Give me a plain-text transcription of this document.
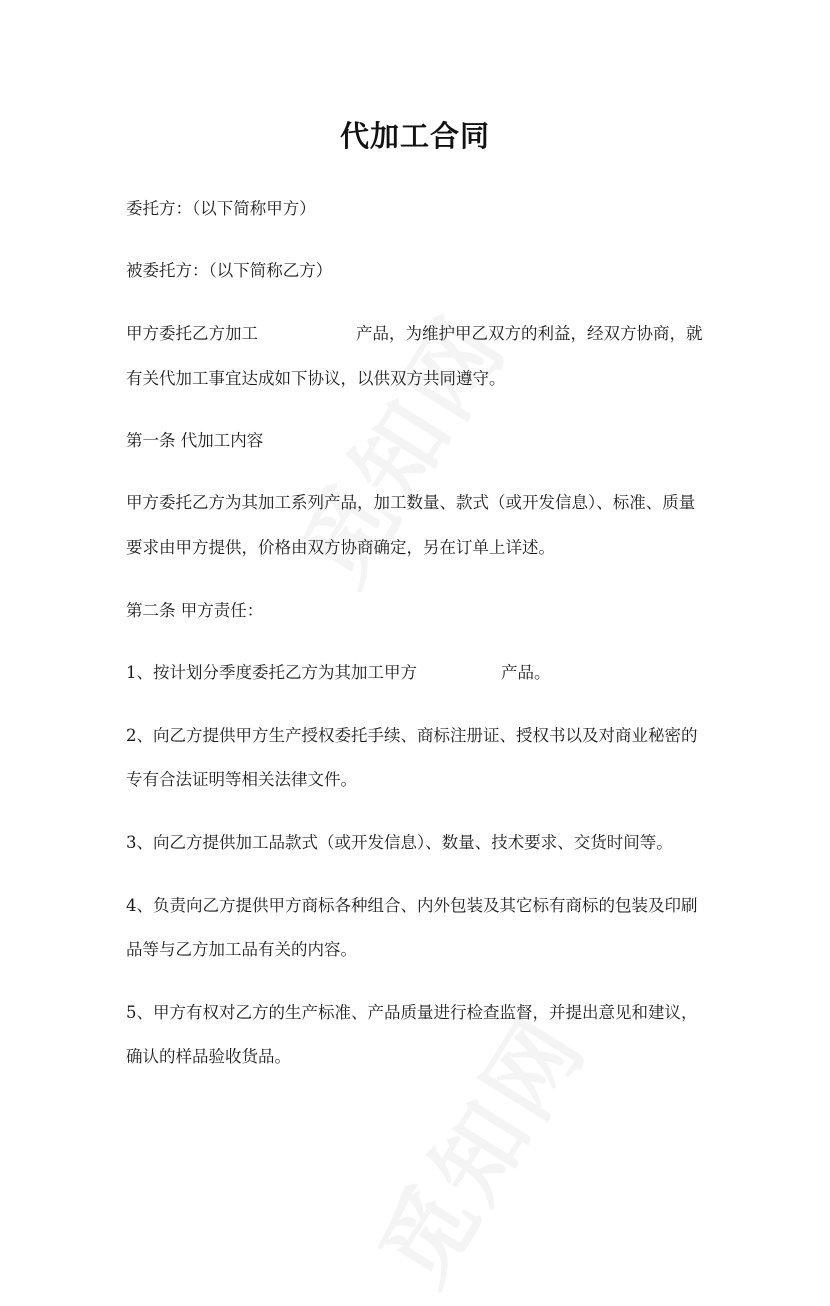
代加工合同
委托方：（以下简称甲方）
被委托方：（以下简称乙方）
甲方委托乙方加工	产品，为维护甲乙双方的利益，经双方协商，就
有关代加工事宜达成如下协议，以供双方共同遵守。
第一条 代加工内容
甲方委托乙方为其加工系列产品，加工数量、款式（或开发信息）、标准、质量
要求由甲方提供，价格由双方协商确定，另在订单上详述。
第二条 甲方责任：
1、按计划分季度委托乙方为其加工甲方	产品。
2、向乙方提供甲方生产授权委托手续、商标注册证、授权书以及对商业秘密的
专有合法证明等相关法律文件。
3、向乙方提供加工品款式（或开发信息）、数量、技术要求、交货时间等。
4、负责向乙方提供甲方商标各种组合、内外包装及其它标有商标的包装及印刷
品等与乙方加工品有关的内容。
5、甲方有权对乙方的生产标准、产品质量进行检查监督，并提出意见和建议，
确认的样品验收货品。
